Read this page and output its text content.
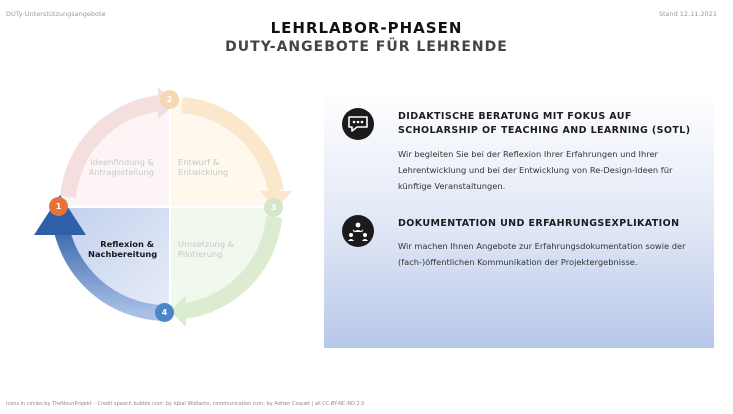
DUTy-Unterstützungsangebote	Stand 12.11.2021
LEHRLABOR-PHASEN
DUTY-ANGEBOTE FÜR LEHRENDE
Ideenfindung & Antragsstellung
Entwurf & Entwicklung
Reflexion & Nachbereitung
Umsetzung & Pilotierung
1
2
3
4
DIDAKTISCHE BERATUNG MIT FOKUS AUF SCHOLARSHIP OF TEACHING AND LEARNING (SOTL)
Wir begleiten Sie bei der Reflexion Ihrer Erfahrungen und Ihrer Lehrentwicklung und bei der Entwicklung von Re-Design-Ideen für künftige Veranstaltungen.
DOKUMENTATION UND ERFAHRUNGSEXPLIKATION
Wir machen Ihnen Angebote zur Erfahrungsdokumentation sowie der (fach-)öffentlichen Kommunikation der Projektergebnisse.
Icons in circles by TheNounProjekt – Credit speech bubble icon: by Iqbal Widianto, communication icon: by Adrien Coquet | all CC-BY-NC-ND 2.0
